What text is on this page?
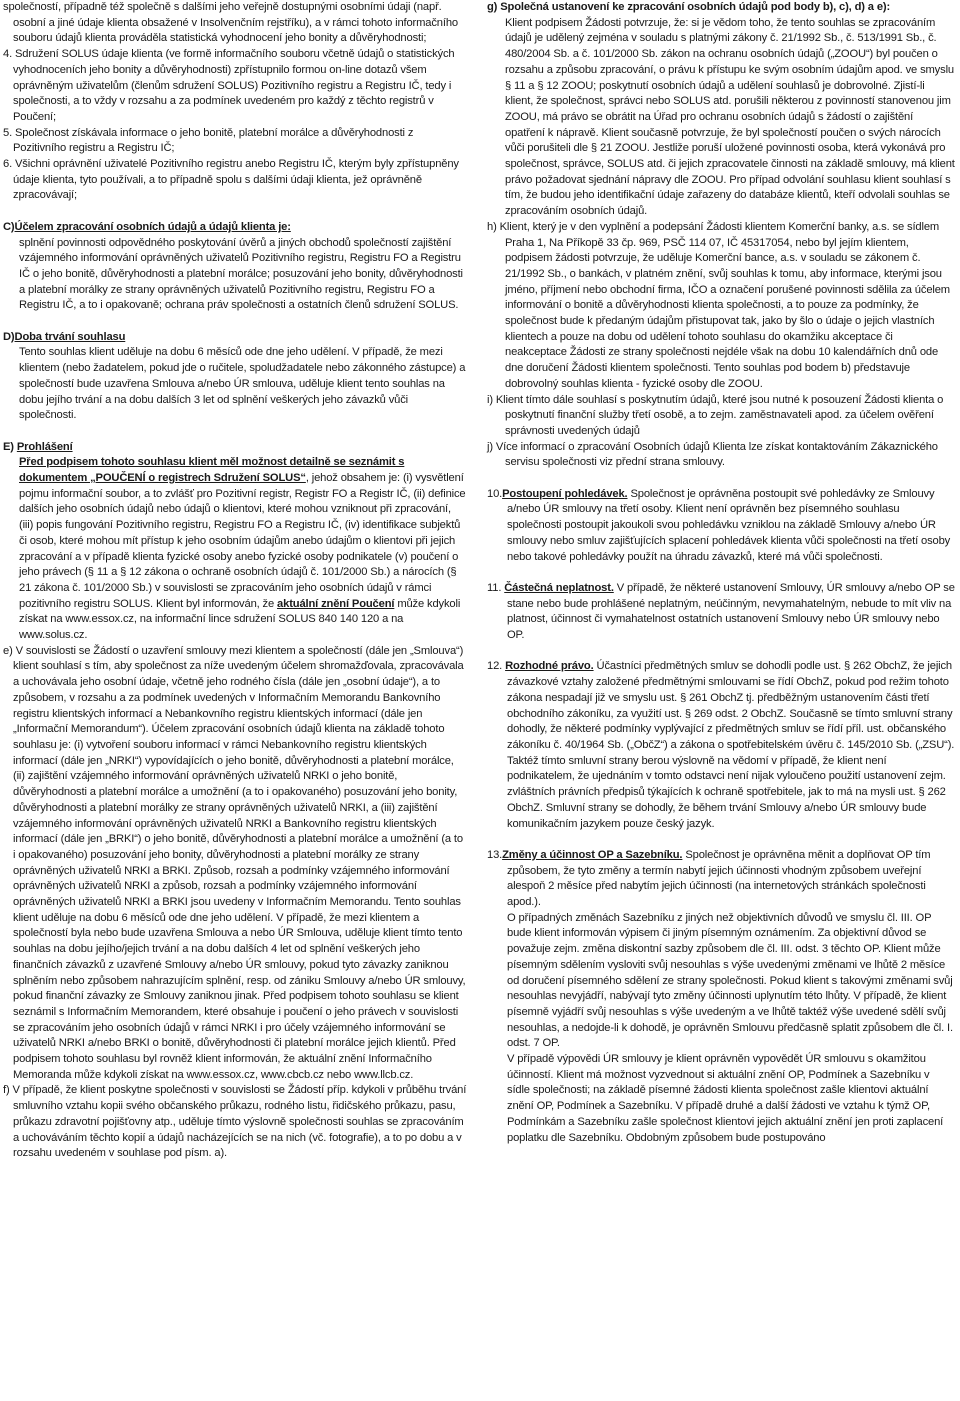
společností, případně též společně s dalšími jeho veřejně dostupnými osobními údaji (např. osobní a jiné údaje klienta obsažené v Insolvenčním rejstříku), a v rámci tohoto informačního souboru údajů klienta prováděla statistická vyhodnocení jeho bonity a důvěryhodnosti;

4. Sdružení SOLUS údaje klienta (ve formě informačního souboru včetně údajů o statistických vyhodnoceních jeho bonity a důvěryhodnosti) zpřístupnilo formou on-line dotazů všem oprávněným uživatelům (členům sdružení SOLUS) Pozitivního registru a Registru IČ, tedy i společnosti, a to vždy v rozsahu a za podmínek uvedeném pro každý z těchto registrů v Poučení;

5. Společnost získávala informace o jeho bonitě, platební morálce a důvěryhodnosti z Pozitivního registru a Registru IČ;

6. Všichni oprávnění uživatelé Pozitivního registru anebo Registru IČ, kterým byly zpřístupněny údaje klienta, tyto používali, a to případně spolu s dalšími údaji klienta, jež oprávněně zpracovávají;

C)Účelem zpracování osobních údajů a údajů klienta je:

splnění povinnosti odpovědného poskytování úvěrů a jiných obchodů společností zajištění vzájemného informování oprávněných uživatelů Pozitivního registru, Registru FO a Registru IČ o jeho bonitě, důvěryhodnosti a platební morálce; posuzování jeho bonity, důvěryhodnosti a platební morálky ze strany oprávněných uživatelů Pozitivního registru, Registru FO a Registru IČ, a to i opakovaně; ochrana práv společnosti a ostatních členů sdružení SOLUS.

D)Doba trvání souhlasu

Tento souhlas klient uděluje na dobu 6 měsíců ode dne jeho udělení. V případě, že mezi klientem (nebo žadatelem, pokud jde o ručitele, spoludžadatele nebo zákonného zástupce) a společností bude uzavřena Smlouva a/nebo ÚR smlouva, uděluje klient tento souhlas na dobu jejího trvání a na dobu dalších 3 let od splnění veškerých jeho závazků vůči společnosti.

E) Prohlášení

Před podpisem tohoto souhlasu klient měl možnost detailně se seznámit s dokumentem „POUČENÍ o registrech Sdružení SOLUS“, jehož obsahem je: (i) vysvětlení pojmu informační soubor, a to zvlášť pro Pozitivní registr, Registr FO a Registr IČ, (ii) definice dalších jeho osobních údajů nebo údajů o klientovi, které mohou vzniknout při zpracování, (iii) popis fungování Pozitivního registru, Registru FO a Registru IČ, (iv) identifikace subjektů či osob, které mohou mít přístup k jeho osobním údajům anebo údajům o klientovi při jejich zpracování a v případě klienta fyzické osoby anebo fyzické osoby podnikatele (v) poučení o jeho právech (§ 11 a § 12 zákona o ochraně osobních údajů č. 101/2000 Sb.) a nárocích (§ 21 zákona č. 101/2000 Sb.) v souvislosti se zpracováním jeho osobních údajů v rámci pozitivního registru SOLUS. Klient byl informován, že aktuální znění Poučení může kdykoli získat na www.essox.cz, na informační lince sdružení SOLUS 840 140 120 a na www.solus.cz.

e) V souvislosti se Žádostí o uzavření smlouvy mezi klientem a společností (dále jen „Smlouva“) klient souhlasí s tím, aby společnost za níže uvedeným účelem shromažďovala, zpracovávala a uchovávala jeho osobní údaje, včetně jeho rodného čísla (dále jen „osobní údaje“), a to způsobem, v rozsahu a za podmínek uvedených v Informačním Memorandu Bankovního registru klientských informací a Nebankovního registru klientských informací (dále jen „Informační Memorandum“). Účelem zpracování osobních údajů klienta na základě tohoto souhlasu je: (i) vytvoření souboru informací v rámci Nebankovního registru klientských informací (dále jen „NRKI“) vypovídajících o jeho bonitě, důvěryhodnosti a platební morálce, (ii) zajištění vzájemného informování oprávněných uživatelů NRKI o jeho bonitě, důvěryhodnosti a platební morálce a umožnění (a to i opakovaného) posuzování jeho bonity, důvěryhodnosti a platební morálky ze strany oprávněných uživatelů NRKI, a (iii) zajištění vzájemného informování oprávněných uživatelů NRKI a Bankovního registru klientských informací (dále jen „BRKI“) o jeho bonitě, důvěryhodnosti a platební morálce a umožnění (a to i opakovaného) posuzování jeho bonity, důvěryhodnosti a platební morálky ze strany oprávněných uživatelů NRKI a BRKI. Způsob, rozsah a podmínky vzájemného informování oprávněných uživatelů NRKI a způsob, rozsah a podmínky vzájemného informování oprávněných uživatelů NRKI a BRKI jsou uvedeny v Informačním Memorandu. Tento souhlas klient uděluje na dobu 6 měsíců ode dne jeho udělení. V případě, že mezi klientem a společností byla nebo bude uzavřena Smlouva a nebo ÚR Smlouva, uděluje klient tímto tento souhlas na dobu jejího/jejich trvání a na dobu dalších 4 let od splnění veškerých jeho finančních závazků z uzavřené Smlouvy a/nebo ÚR smlouvy, pokud tyto závazky zaniknou splněním nebo způsobem nahrazujícím splnění, resp. od zániku Smlouvy a/nebo ÚR smlouvy, pokud finanční závazky ze Smlouvy zaniknou jinak. Před podpisem tohoto souhlasu se klient seznámil s Informačním Memorandem, které obsahuje i poučení o jeho právech v souvislosti se zpracováním jeho osobních údajů v rámci NRKI i pro účely vzájemného informování se uživatelů NRKI a/nebo BRKI o bonitě, důvěryhodnosti či platební morálce jejich klientů. Před podpisem tohoto souhlasu byl rovněž klient informován, že aktuální znění Informačního Memoranda může kdykoli získat na www.essox.cz, www.cbcb.cz nebo www.llcb.cz.

f) V případě, že klient poskytne společnosti v souvislosti se Žádostí příp. kdykoli v průběhu trvání smluvního vztahu kopii svého občanského průkazu, rodného listu, řidičského průkazu, pasu, průkazu zdravotní pojišťovny atp., uděluje tímto výslovně společnosti souhlas se zpracováním a uchováváním těchto kopií a údajů nacházejících se na nich (vč. fotografie), a to po dobu a v rozsahu uvedeném v souhlase pod písm. a).

g) Společná ustanovení ke zpracování osobních údajů pod body b), c), d) a e):

Klient podpisem Žádosti potvrzuje, že: si je vědom toho, že tento souhlas se zpracováním údajů je udělený zejména v souladu s platnými zákony č. 21/1992 Sb., č. 513/1991 Sb., č. 480/2004 Sb. a č. 101/2000 Sb. zákon na ochranu osobních údajů („ZOOU“) byl poučen o rozsahu a způsobu zpracování, o právu k přístupu ke svým osobním údajům apod. ve smyslu § 11 a § 12 ZOOU; poskytnutí osobních údajů a udělení souhlasů je dobrovolné. Zjistí-li klient, že společnost, správci nebo SOLUS atd. porušili některou z povinností stanovenou jim ZOOU, má právo se obrátit na Úřad pro ochranu osobních údajů s žádostí o zajištění opatření k nápravě. Klient současně potvrzuje, že byl společností poučen o svých nárocích vůči porušiteli dle § 21 ZOOU. Jestliže poruší uložené povinnosti osoba, která vykonává pro společnost, správce, SOLUS atd. či jejich zpracovatele činnosti na základě smlouvy, má klient právo požadovat sjednání nápravy dle ZOOU. Pro případ odvolání souhlasu klient souhlasí s tím, že budou jeho identifikační údaje zařazeny do databáze klientů, kteří odvolali souhlas se zpracováním osobních údajů.

h) Klient, který je v den vyplnění a podepsání Žádosti klientem Komerční banky, a.s. se sídlem Praha 1, Na Příkopě 33 čp. 969, PSČ 114 07, IČ 45317054, nebo byl jejím klientem, podpisem žádosti potvrzuje, že uděluje Komerční bance, a.s. v souladu se zákonem č. 21/1992 Sb., o bankách, v platném znění, svůj souhlas k tomu, aby informace, kterými jsou jméno, příjmení nebo obchodní firma, IČO a označení porušené povinnosti sdělila za účelem informování o bonitě a důvěryhodnosti klienta společnosti, a to pouze za podmínky, že společnost bude k předaným údajům přistupovat tak, jako by šlo o údaje o jejich vlastních klientech a pouze na dobu od udělení tohoto souhlasu do okamžiku akceptace či neakceptace Žádosti ze strany společnosti nejdéle však na dobu 10 kalendářních dnů ode dne doručení Žádosti klientem společnosti. Tento souhlas pod bodem b) představuje dobrovolný souhlas klienta - fyzické osoby dle ZOOU.

i) Klient tímto dále souhlasí s poskytnutím údajů, které jsou nutné k posouzení Žádosti klienta o poskytnutí finanční služby třetí osobě, a to zejm. zaměstnavateli apod. za účelem ověření správnosti uvedených údajů

j) Více informací o zpracování Osobních údajů Klienta lze získat kontaktováním Zákaznického servisu společnosti viz přední strana smlouvy.

10.Postoupení pohledávek. Společnost je oprávněna postoupit své pohledávky ze Smlouvy a/nebo ÚR smlouvy na třetí osoby. Klient není oprávněn bez písemného souhlasu společnosti postoupit jakoukoli svou pohledávku vzniklou na základě Smlouvy a/nebo ÚR smlouvy nebo smluv zajišťujících splacení pohledávek klienta vůči společnosti na třetí osoby nebo takové pohledávky použít na úhradu závazků, které má vůči společnosti.

11. Částečná neplatnost. V případě, že některé ustanovení Smlouvy, ÚR smlouvy a/nebo OP se stane nebo bude prohlášené neplatným, neúčinným, nevymahatelným, nebude to mít vliv na platnost, účinnost či vymahatelnost ostatních ustanovení Smlouvy nebo ÚR smlouvy nebo OP.

12. Rozhodné právo. Účastníci předmětných smluv se dohodli podle ust. § 262 ObchZ, že jejich závazkové vztahy založené předmětnými smlouvami se řídí ObchZ, pokud pod režim tohoto zákona nespadají již ve smyslu ust. § 261 ObchZ tj. předběžným ustanovením části třetí obchodního zákoníku, za využití ust. § 269 odst. 2 ObchZ. Současně se tímto smluvní strany dohodly, že některé podmínky vyplývající z předmětných smluv se řídí příl. ust. občanského zákoníku č. 40/1964 Sb. („ObčZ“) a zákona o spotřebitelském úvěru č. 145/2010 Sb. („ZSU“). Taktéž tímto smluvní strany berou výslovně na vědomí v případě, že klient není podnikatelem, že ujednáním v tomto odstavci není nijak vyloučeno použití ustanovení zejm. zvláštních právních předpisů týkajících k ochraně spotřebitele, jak to má na mysli ust. § 262 ObchZ. Smluvní strany se dohodly, že během trvání Smlouvy a/nebo ÚR smlouvy bude komunikačním jazykem pouze český jazyk.

13.Změny a účinnost OP a Sazebníku. Společnost je oprávněna měnit a doplňovat OP tím způsobem, že tyto změny a termín nabytí jejich účinnosti vhodným způsobem uveřejní alespoň 2 měsíce před nabytím jejich účinnosti (na internetových stránkách společnosti apod.).

O případných změnách Sazebníku z jiných než objektivních důvodů ve smyslu čl. III. OP bude klient informován výpisem či jiným písemným oznámením. Za objektivní důvod se považuje zejm. změna diskontní sazby způsobem dle čl. III. odst. 3 těchto OP. Klient může písemným sdělením vysloviti svůj nesouhlas s výše uvedenými změnami ve lhůtě 2 měsíce od doručení písemného sdělení ze strany společnosti. Pokud klient s takovými změnami svůj nesouhlas nevyjádří, nabývají tyto změny účinnosti uplynutím této lhůty. V případě, že klient písemně vyjádří svůj nesouhlas s výše uvedeným a ve lhůtě taktéž výše uvedené sdělí svůj nesouhlas, a nedojde-li k dohodě, je oprávněn Smlouvu předčasně splatit způsobem dle čl. I. odst. 7 OP.

V případě výpovědi ÚR smlouvy je klient oprávněn vypovědět ÚR smlouvu s okamžitou účinností. Klient má možnost vyzvednout si aktuální znění OP, Podmínek a Sazebníku v sídle společnosti; na základě písemné žádosti klienta společnost zašle klientovi aktuální znění OP, Podmínek a Sazebníku. V případě druhé a další žádosti ve vztahu k týmž OP, Podmínkám a Sazebníku zašle společnost klientovi jejich aktuální znění jen proti zaplacení poplatku dle Sazebníku. Obdobným způsobem bude postupováno
